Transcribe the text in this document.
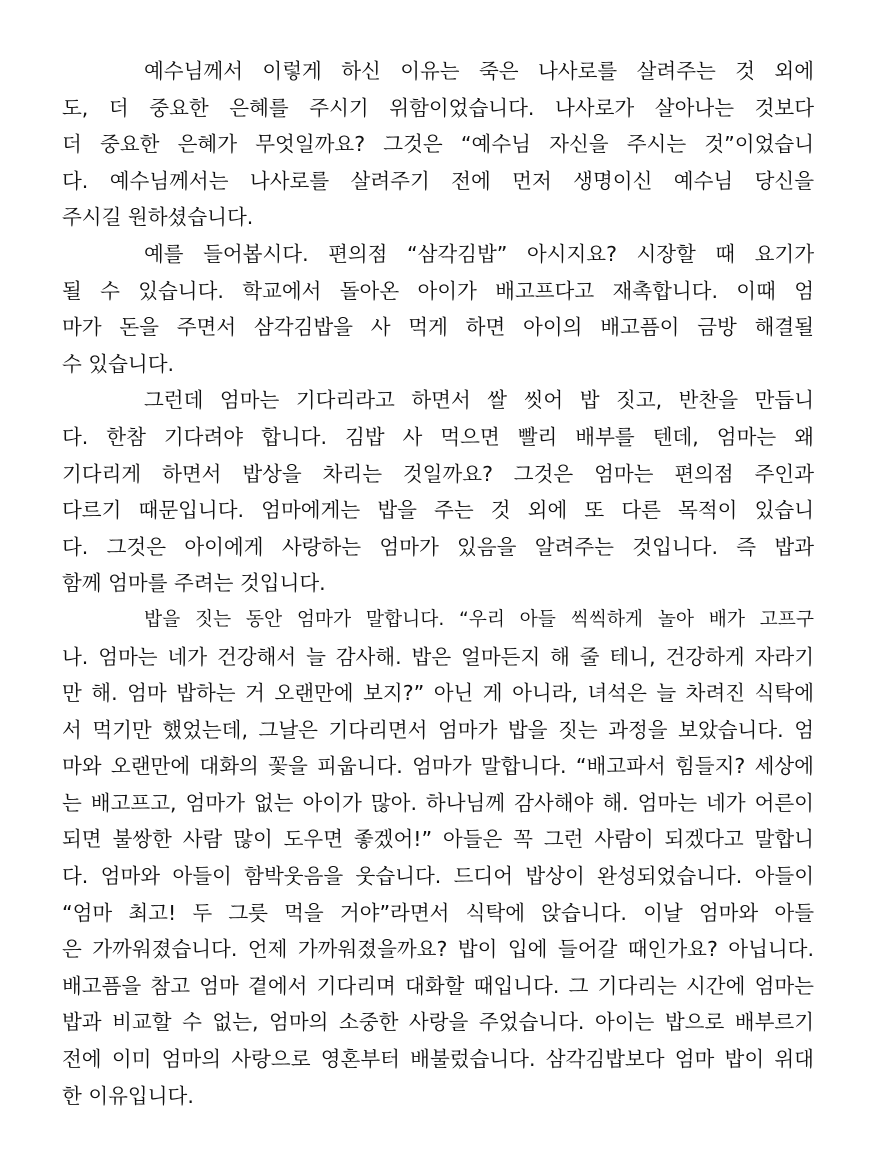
예수님께서 이렇게 하신 이유는 죽은 나사로를 살려주는 것 외에
도, 더 중요한 은혜를 주시기 위함이었습니다. 나사로가 살아나는 것보다
더 중요한 은혜가 무엇일까요? 그것은 “예수님 자신을 주시는 것”이었습니
다. 예수님께서는 나사로를 살려주기 전에 먼저 생명이신 예수님 당신을
주시길 원하셨습니다.
예를 들어봅시다. 편의점 “삼각김밥” 아시지요? 시장할 때 요기가
될 수 있습니다. 학교에서 돌아온 아이가 배고프다고 재촉합니다. 이때 엄
마가 돈을 주면서 삼각김밥을 사 먹게 하면 아이의 배고픔이 금방 해결될
수 있습니다.
그런데 엄마는 기다리라고 하면서 쌀 씻어 밥 짓고, 반찬을 만듭니
다. 한참 기다려야 합니다. 김밥 사 먹으면 빨리 배부를 텐데, 엄마는 왜
기다리게 하면서 밥상을 차리는 것일까요? 그것은 엄마는 편의점 주인과
다르기 때문입니다. 엄마에게는 밥을 주는 것 외에 또 다른 목적이 있습니
다. 그것은 아이에게 사랑하는 엄마가 있음을 알려주는 것입니다. 즉 밥과
함께 엄마를 주려는 것입니다.
밥을 짓는 동안 엄마가 말합니다. “우리 아들 씩씩하게 놀아 배가 고프구
나. 엄마는 네가 건강해서 늘 감사해. 밥은 얼마든지 해 줄 테니, 건강하게 자라기
만 해. 엄마 밥하는 거 오랜만에 보지?” 아닌 게 아니라, 녀석은 늘 차려진 식탁에
서 먹기만 했었는데, 그날은 기다리면서 엄마가 밥을 짓는 과정을 보았습니다. 엄
마와 오랜만에 대화의 꽃을 피웁니다. 엄마가 말합니다. “배고파서 힘들지? 세상에
는 배고프고, 엄마가 없는 아이가 많아. 하나님께 감사해야 해. 엄마는 네가 어른이
되면 불쌍한 사람 많이 도우면 좋겠어!” 아들은 꼭 그런 사람이 되겠다고 말합니
다. 엄마와 아들이 함박웃음을 웃습니다. 드디어 밥상이 완성되었습니다. 아들이
“엄마 최고! 두 그릇 먹을 거야”라면서 식탁에 앉습니다. 이날 엄마와 아들
은 가까워졌습니다. 언제 가까워졌을까요? 밥이 입에 들어갈 때인가요? 아닙니다.
배고픔을 참고 엄마 곁에서 기다리며 대화할 때입니다. 그 기다리는 시간에 엄마는
밥과 비교할 수 없는, 엄마의 소중한 사랑을 주었습니다. 아이는 밥으로 배부르기
전에 이미 엄마의 사랑으로 영혼부터 배불렀습니다. 삼각김밥보다 엄마 밥이 위대
한 이유입니다.
